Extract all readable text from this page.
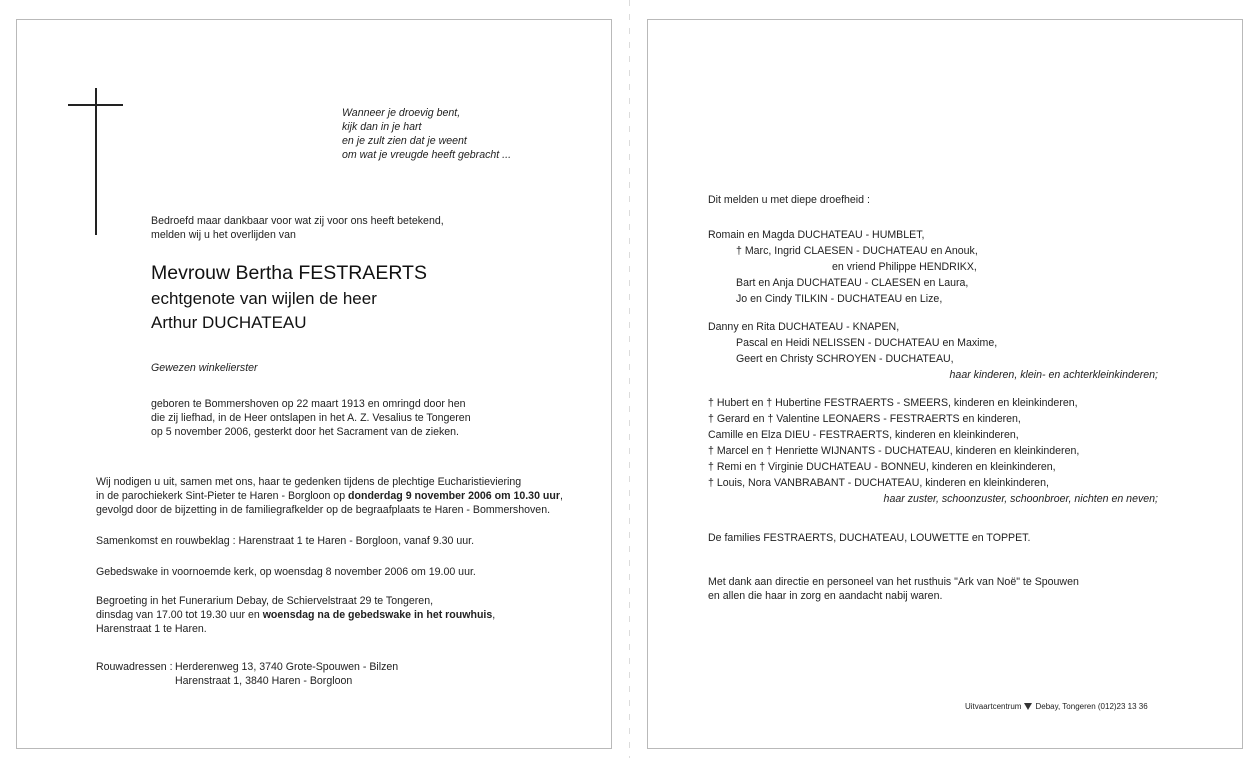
Wanneer je droevig bent,
kijk dan in je hart
en je zult zien dat je weent
om wat je vreugde heeft gebracht ...
Bedroefd maar dankbaar voor wat zij voor ons heeft betekend,
melden wij u het overlijden van
Mevrouw Bertha FESTRAERTS
echtgenote van wijlen de heer
Arthur DUCHATEAU
Gewezen winkelierster
geboren te Bommershoven op 22 maart 1913 en omringd door hen
die zij liefhad, in de Heer ontslapen in het A. Z. Vesalius te Tongeren
op 5 november 2006, gesterkt door het Sacrament van de zieken.
Wij nodigen u uit, samen met ons, haar te gedenken tijdens de plechtige Eucharistieviering
in de parochiekerk Sint-Pieter te Haren - Borgloon op donderdag 9 november 2006 om 10.30 uur,
gevolgd door de bijzetting in de familiegrafkelder op de begraafplaats te Haren - Bommershoven.
Samenkomst en rouwbeklag : Harenstraat 1 te Haren - Borgloon, vanaf 9.30 uur.
Gebedswake in voornoemde kerk, op woensdag 8 november 2006 om 19.00 uur.
Begroeting in het Funerarium Debay, de Schiervelstraat 29 te Tongeren,
dinsdag van 17.00 tot 19.30 uur en woensdag na de gebedswake in het rouwhuis,
Harenstraat 1 te Haren.
Rouwadressen : Herderenweg 13, 3740 Grote-Spouwen - Bilzen
Harenstraat 1, 3840 Haren - Borgloon
Dit melden u met diepe droefheid :
Romain en Magda DUCHATEAU - HUMBLET,
† Marc, Ingrid CLAESEN - DUCHATEAU en Anouk,
en vriend Philippe HENDRIKX,
Bart en Anja DUCHATEAU - CLAESEN en Laura,
Jo en Cindy TILKIN - DUCHATEAU en Lize,
Danny en Rita DUCHATEAU - KNAPEN,
Pascal en Heidi NELISSEN - DUCHATEAU en Maxime,
Geert en Christy SCHROYEN - DUCHATEAU,
haar kinderen, klein- en achterkleinkinderen;
† Hubert en † Hubertine FESTRAERTS - SMEERS, kinderen en kleinkinderen,
† Gerard en † Valentine LEONAERS - FESTRAERTS en kinderen,
Camille en Elza DIEU - FESTRAERTS, kinderen en kleinkinderen,
† Marcel en † Henriette WIJNANTS - DUCHATEAU, kinderen en kleinkinderen,
† Remi en † Virginie DUCHATEAU - BONNEU, kinderen en kleinkinderen,
† Louis, Nora VANBRABANT - DUCHATEAU, kinderen en kleinkinderen,
haar zuster, schoonzuster, schoonbroer, nichten en neven;
De families FESTRAERTS, DUCHATEAU, LOUWETTE en TOPPET.
Met dank aan directie en personeel van het rusthuis "Ark van Noë" te Spouwen
en allen die haar in zorg en aandacht nabij waren.
Uitvaartcentrum Debay, Tongeren (012)23 13 36
